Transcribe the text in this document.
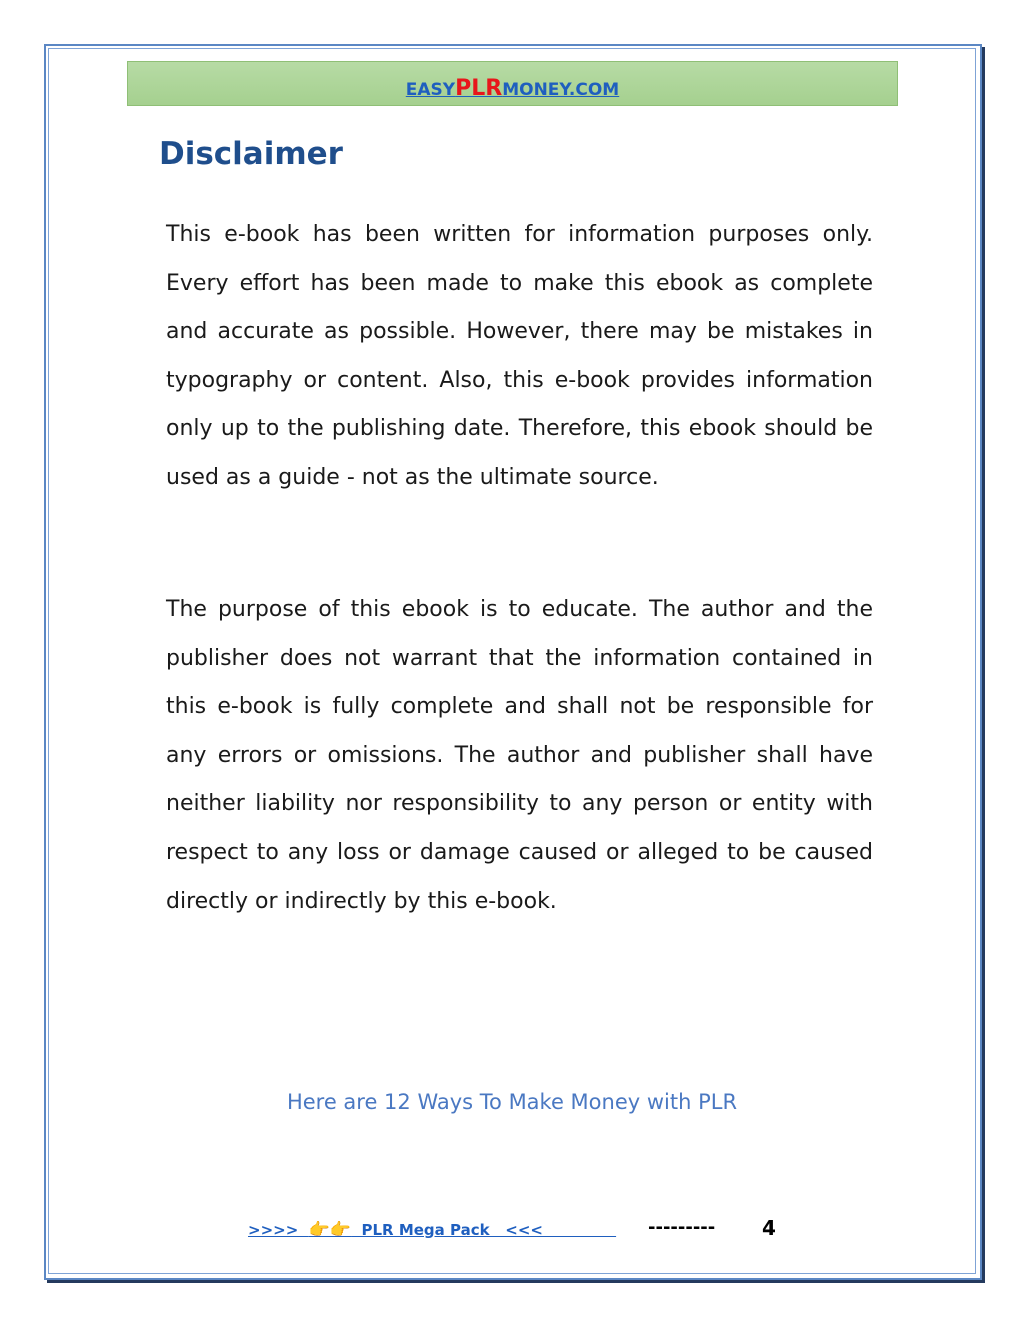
EASYPLRMONEY.COM
Disclaimer

This e-book has been written for information purposes only. Every effort has been made to make this ebook as complete and accurate as possible. However, there may be mistakes in typography or content. Also, this e-book provides information only up to the publishing date. Therefore, this ebook should be used as a guide - not as the ultimate source.

The purpose of this ebook is to educate. The author and the publisher does not warrant that the information contained in this e-book is fully complete and shall not be responsible for any errors or omissions. The author and publisher shall have neither liability nor responsibility to any person or entity with respect to any loss or damage caused or alleged to be caused directly or indirectly by this e-book.

Here are 12 Ways To Make Money with PLR
>>>>  👉👉  PLR Mega Pack   <<<	--------- 4
